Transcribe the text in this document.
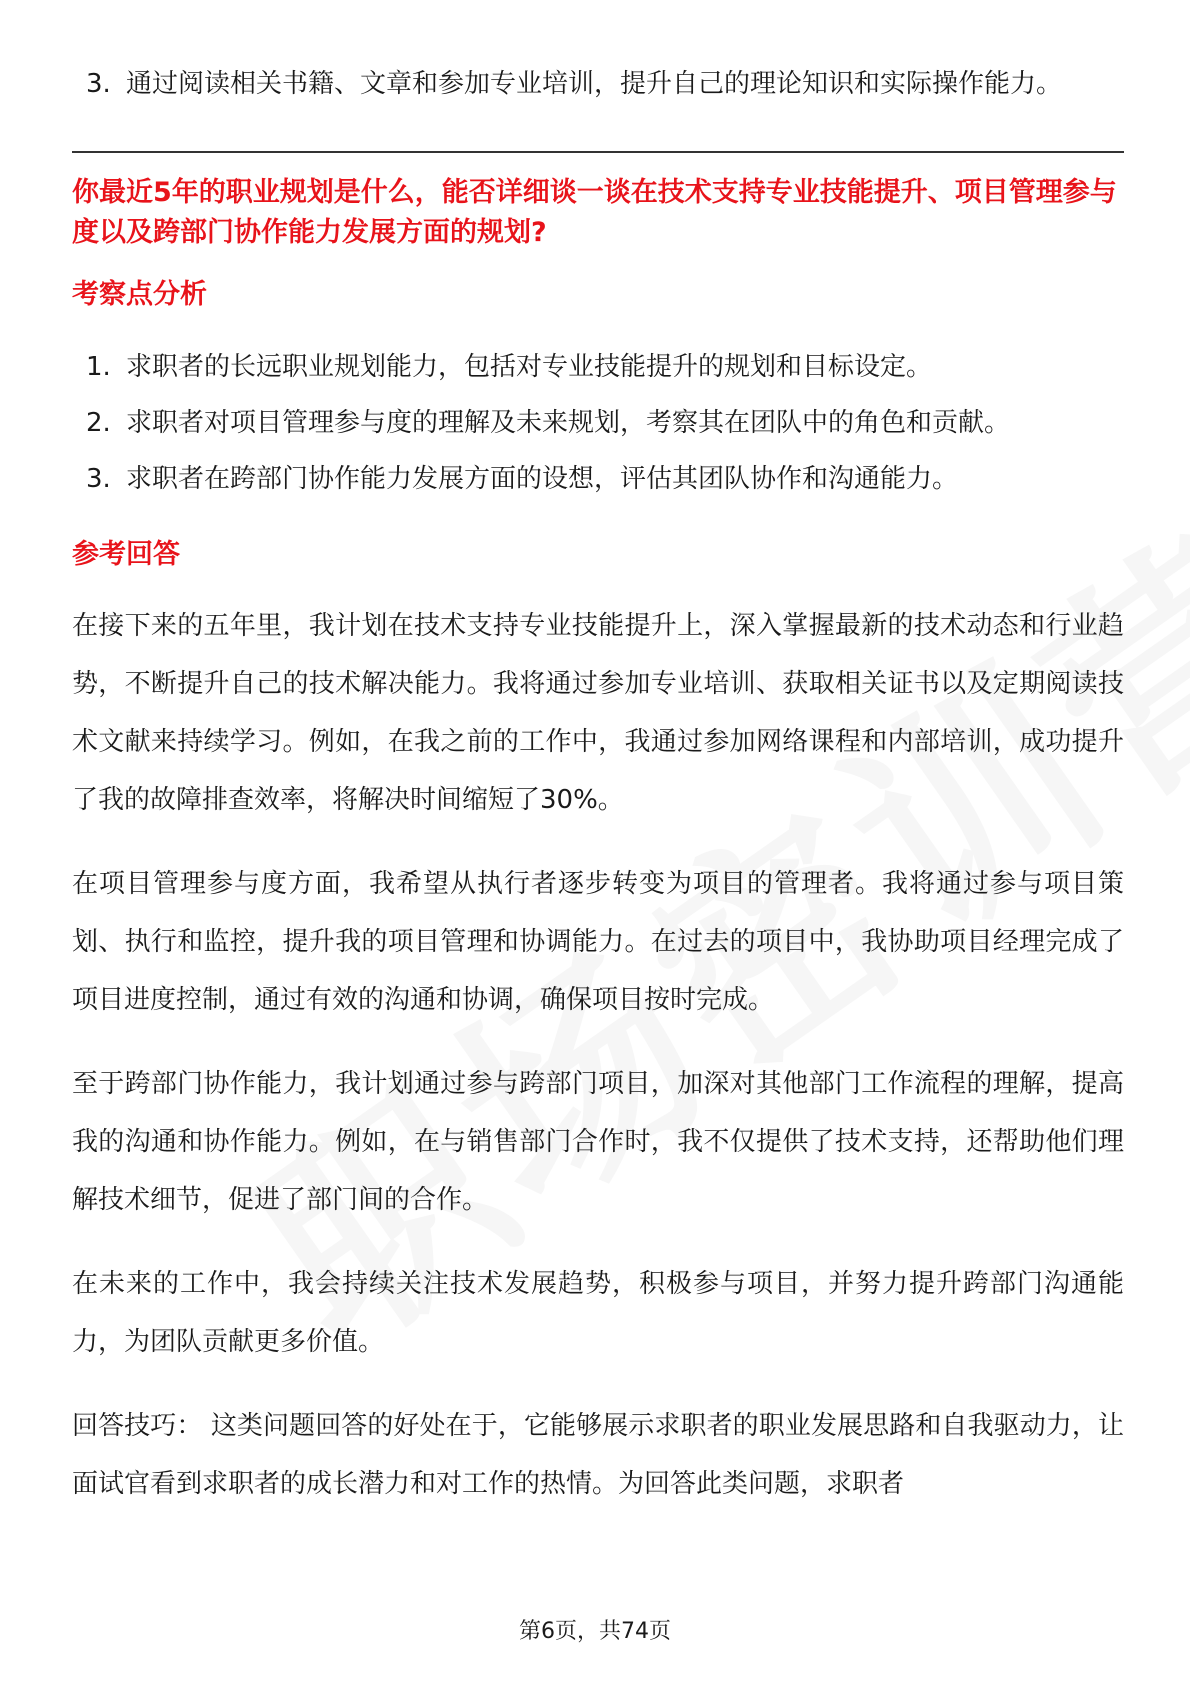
3. 通过阅读相关书籍、文章和参加专业培训，提升自己的理论知识和实际操作能力。

你最近5年的职业规划是什么，能否详细谈一谈在技术支持专业技能提升、项目管理参与度以及跨部门协作能力发展方面的规划?

考察点分析
1. 求职者的长远职业规划能力，包括对专业技能提升的规划和目标设定。
2. 求职者对项目管理参与度的理解及未来规划，考察其在团队中的角色和贡献。
3. 求职者在跨部门协作能力发展方面的设想，评估其团队协作和沟通能力。
参考回答

在接下来的五年里，我计划在技术支持专业技能提升上，深入掌握最新的技术动态和行业趋势，不断提升自己的技术解决能力。我将通过参加专业培训、获取相关证书以及定期阅读技术文献来持续学习。例如，在我之前的工作中，我通过参加网络课程和内部培训，成功提升了我的故障排查效率，将解决时间缩短了30%。

在项目管理参与度方面，我希望从执行者逐步转变为项目的管理者。我将通过参与项目策划、执行和监控，提升我的项目管理和协调能力。在过去的项目中，我协助项目经理完成了项目进度控制，通过有效的沟通和协调，确保项目按时完成。

至于跨部门协作能力，我计划通过参与跨部门项目，加深对其他部门工作流程的理解，提高我的沟通和协作能力。例如，在与销售部门合作时，我不仅提供了技术支持，还帮助他们理解技术细节，促进了部门间的合作。

在未来的工作中，我会持续关注技术发展趋势，积极参与项目，并努力提升跨部门沟通能力，为团队贡献更多价值。

回答技巧： 这类问题回答的好处在于，它能够展示求职者的职业发展思路和自我驱动力，让面试官看到求职者的成长潜力和对工作的热情。为回答此类问题，求职者

第6页，共74页
